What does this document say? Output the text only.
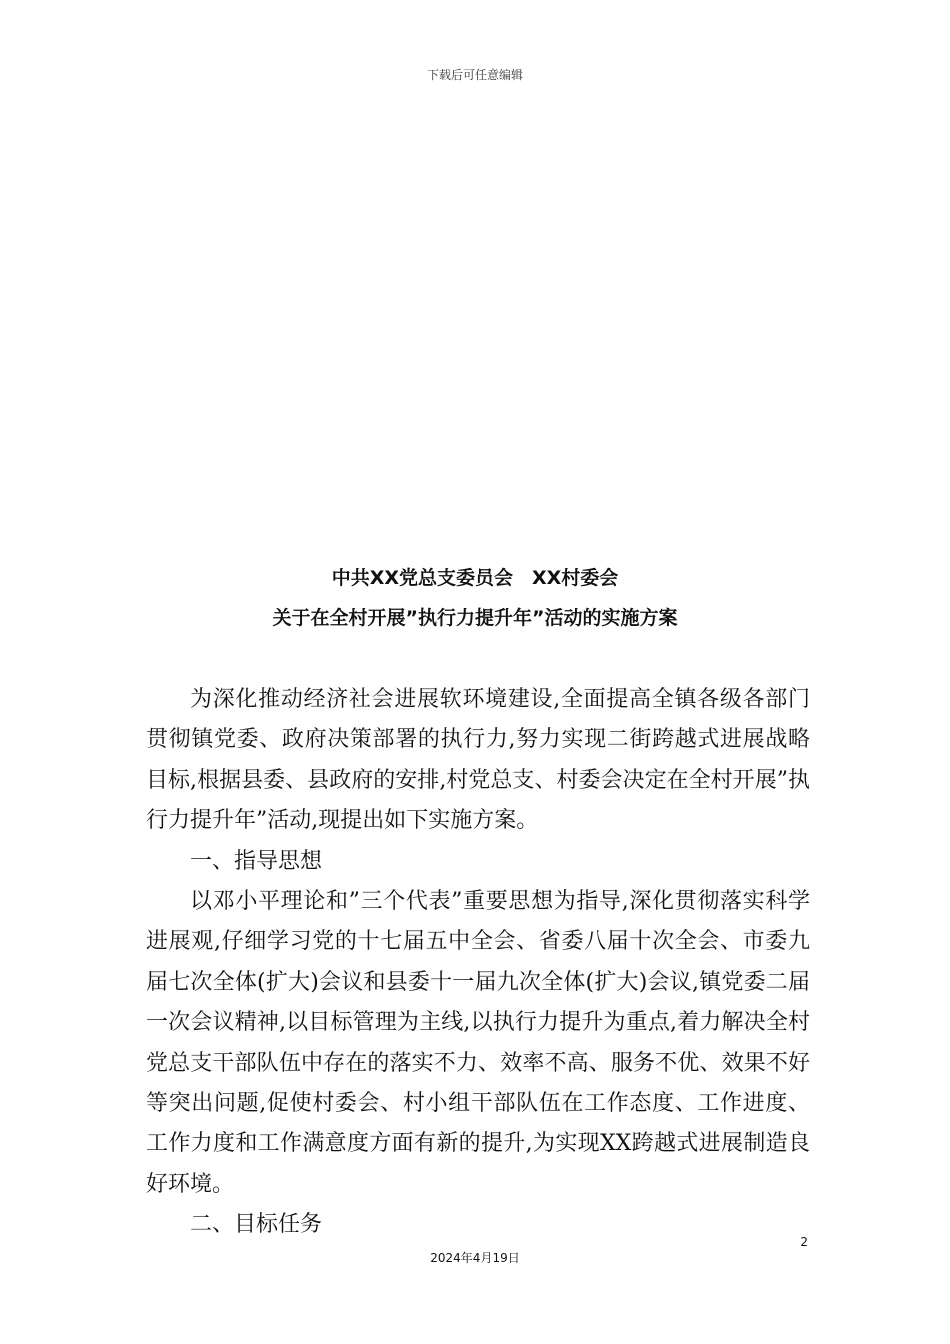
下载后可任意编辑
中共XX党总支委员会　XX村委会
关于在全村开展”执行力提升年”活动的实施方案

为深化推动经济社会进展软环境建设,全面提高全镇各级各部门贯彻镇党委、政府决策部署的执行力,努力实现二街跨越式进展战略目标,根据县委、县政府的安排,村党总支、村委会决定在全村开展”执行力提升年”活动,现提出如下实施方案。

一、指导思想

以邓小平理论和”三个代表”重要思想为指导,深化贯彻落实科学进展观,仔细学习党的十七届五中全会、省委八届十次全会、市委九届七次全体(扩大)会议和县委十一届九次全体(扩大)会议,镇党委二届一次会议精神,以目标管理为主线,以执行力提升为重点,着力解决全村党总支干部队伍中存在的落实不力、效率不高、服务不优、效果不好等突出问题,促使村委会、村小组干部队伍在工作态度、工作进度、工作力度和工作满意度方面有新的提升,为实现XX跨越式进展制造良好环境。

二、目标任务

2
2024年4月19日
